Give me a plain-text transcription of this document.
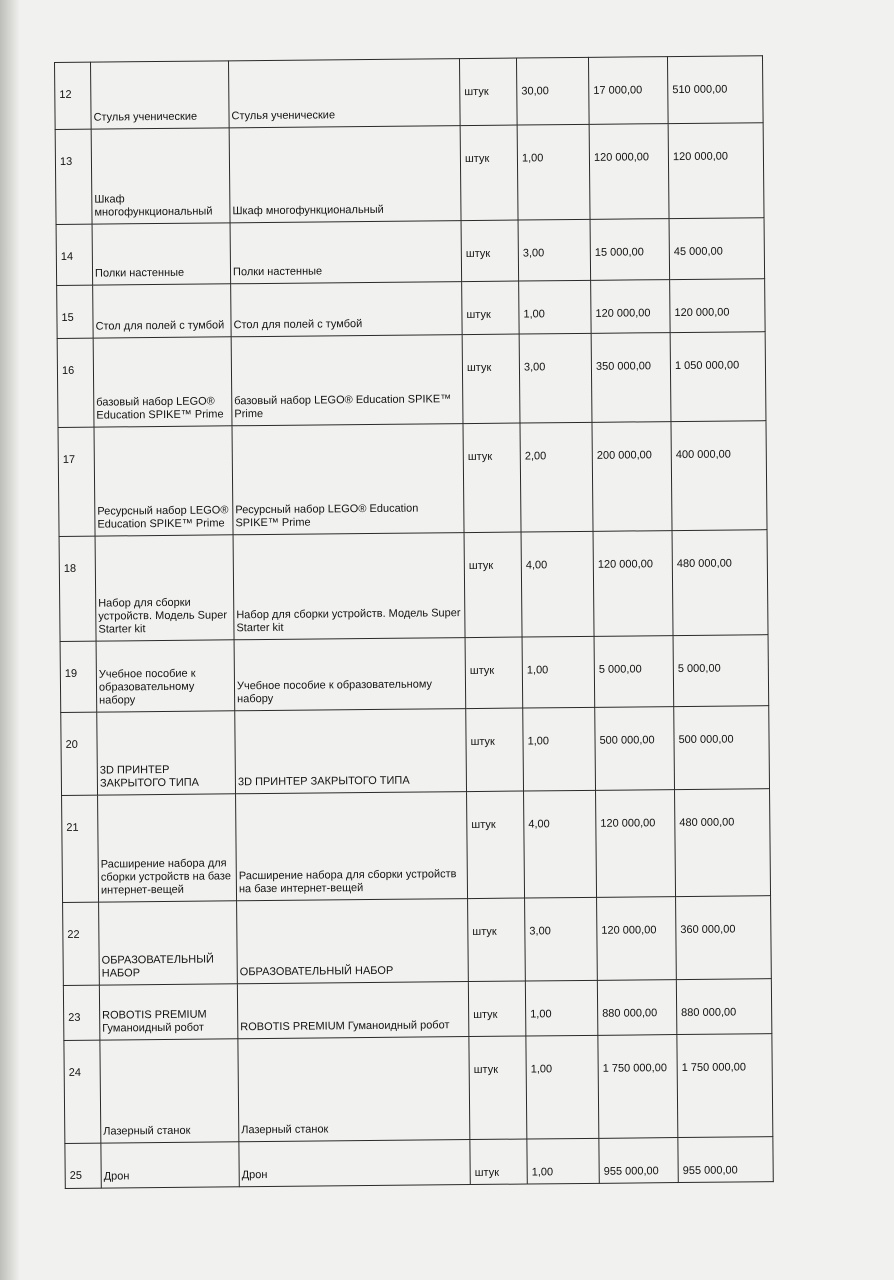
12	Стулья ученические	Стулья ученические	штук	30,00	17 000,00	510 000,00

13	Шкаф многофункциональный	Шкаф многофункциональный	штук	1,00	120 000,00	120 000,00

14	Полки настенные	Полки настенные	штук	3,00	15 000,00	45 000,00

15	Стол для полей с тумбой	Стол для полей с тумбой	штук	1,00	120 000,00	120 000,00

16	базовый набор LEGO® Education SPIKE™ Prime	базовый набор LEGO® Education SPIKE™ Prime	штук	3,00	350 000,00	1 050 000,00

17	Ресурсный набор LEGO® Education SPIKE™ Prime	Ресурсный набор LEGO® Education SPIKE™ Prime	штук	2,00	200 000,00	400 000,00

18	Набор для сборки устройств. Модель Super Starter kit	Набор для сборки устройств. Модель Super Starter kit	штук	4,00	120 000,00	480 000,00

19	Учебное пособие к образовательному набору	Учебное пособие к образовательному набору	штук	1,00	5 000,00	5 000,00

20	3D ПРИНТЕР ЗАКРЫТОГО ТИПА	3D ПРИНТЕР ЗАКРЫТОГО ТИПА	штук	1,00	500 000,00	500 000,00

21	Расширение набора для сборки устройств на базе интернет-вещей	Расширение набора для сборки устройств на базе интернет-вещей	штук	4,00	120 000,00	480 000,00

22	ОБРАЗОВАТЕЛЬНЫЙ НАБОР	ОБРАЗОВАТЕЛЬНЫЙ НАБОР	штук	3,00	120 000,00	360 000,00

23	ROBOTIS PREMIUM Гуманоидный робот	ROBOTIS PREMIUM Гуманоидный робот	штук	1,00	880 000,00	880 000,00

24	Лазерный станок	Лазерный станок	штук	1,00	1 750 000,00	1 750 000,00

25	Дрон	Дрон	штук	1,00	955 000,00	955 000,00
